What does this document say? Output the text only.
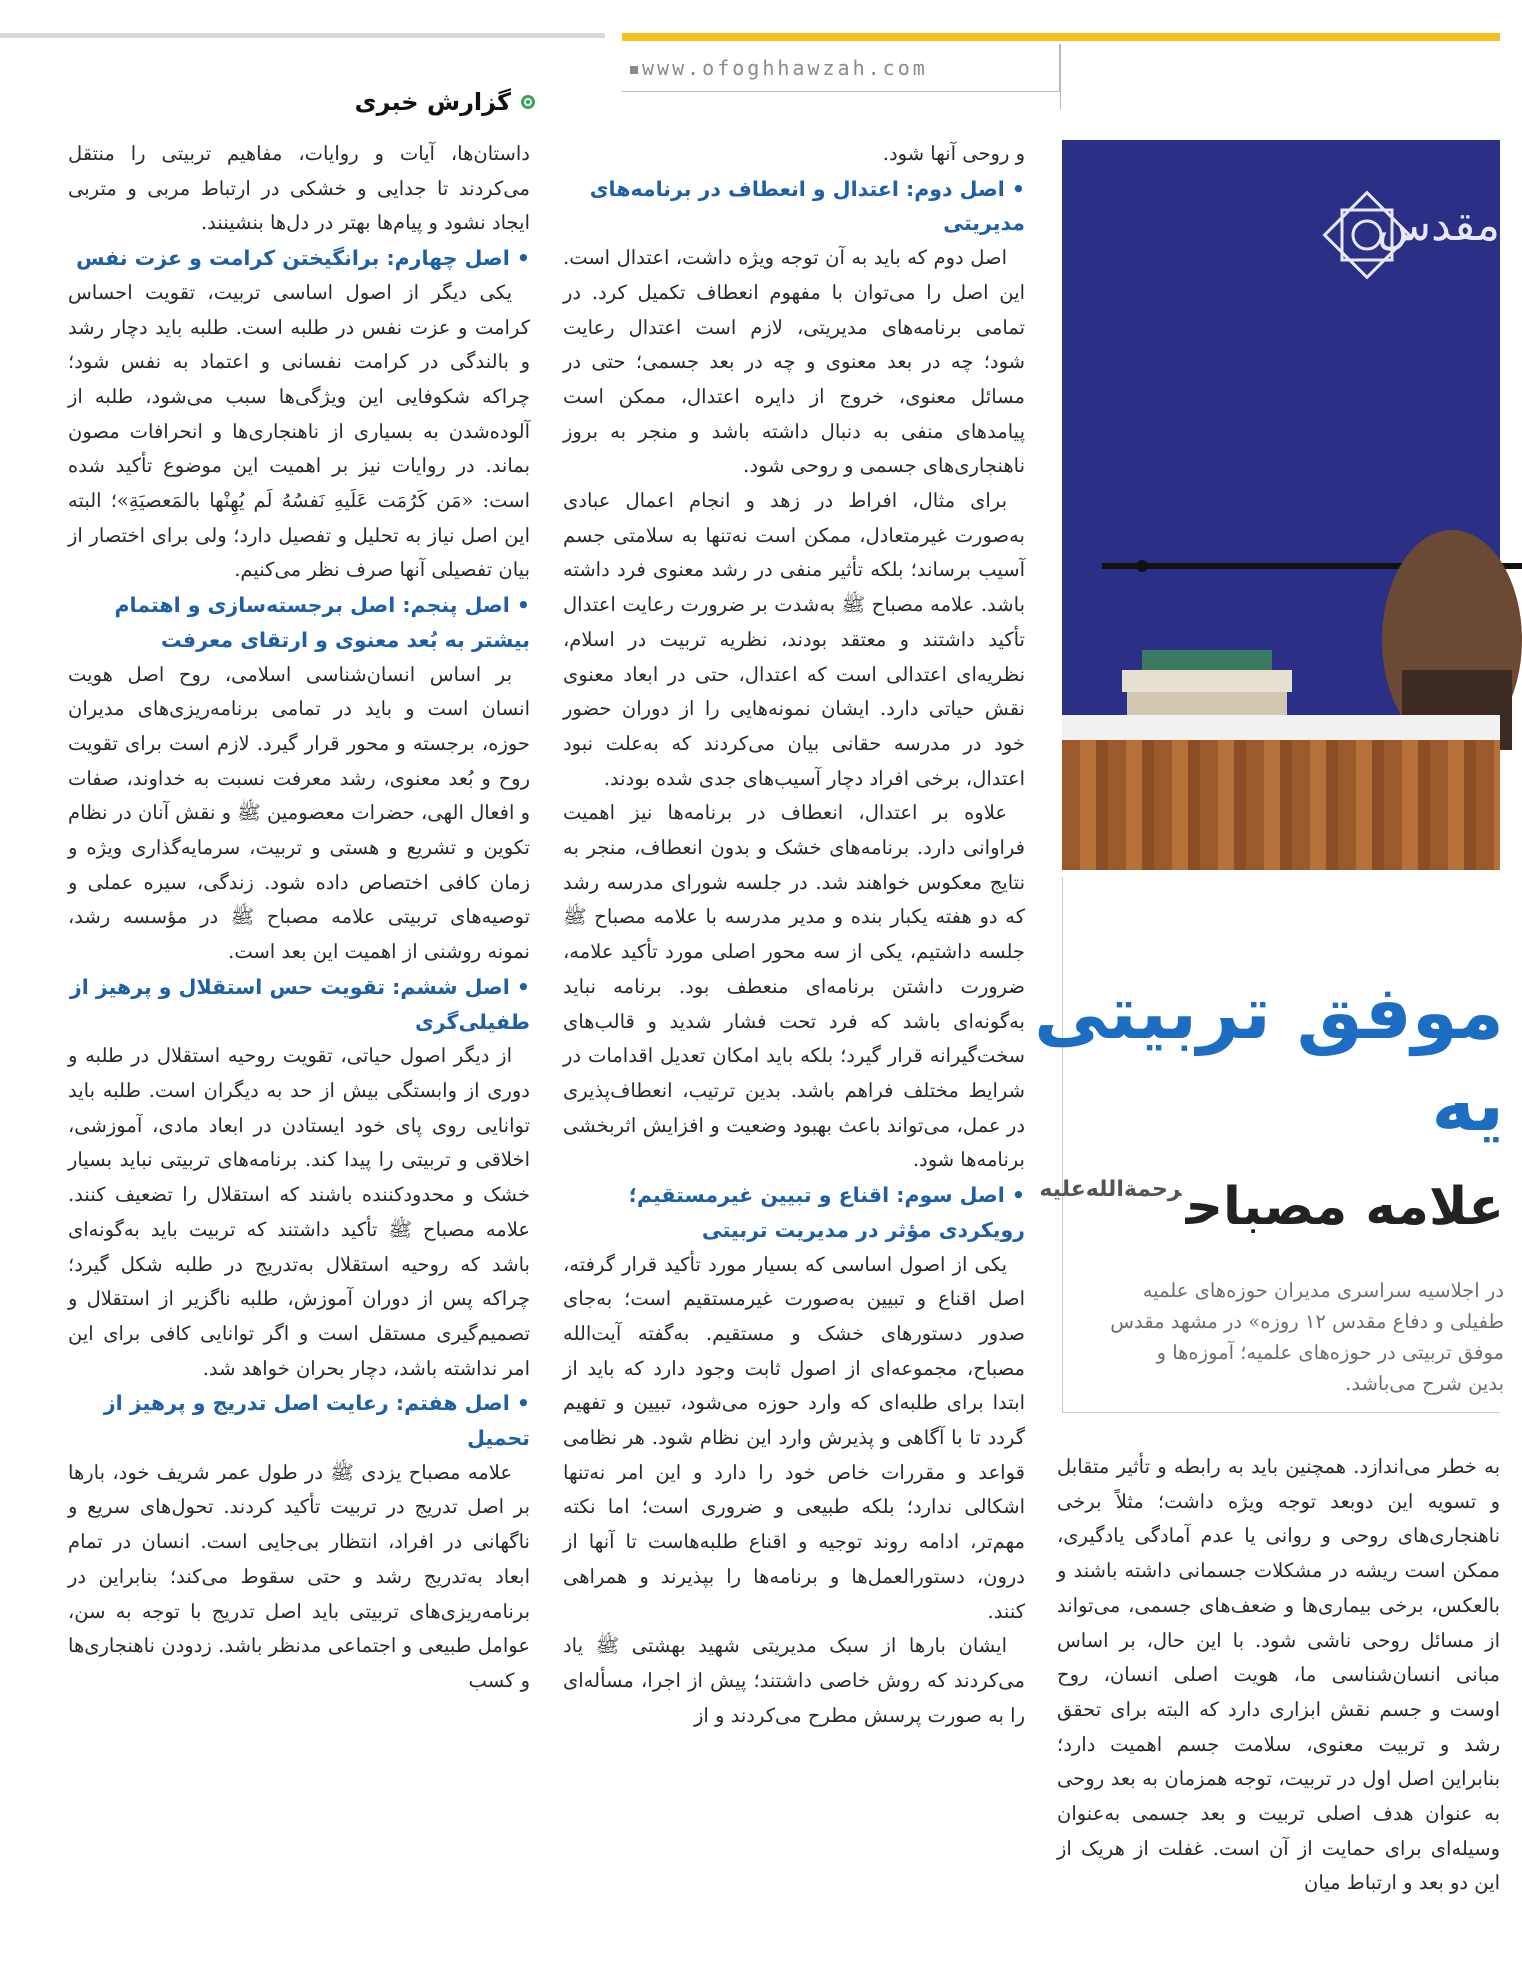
www.ofoghhawzah.com
گزارش خبری

داستان‌ها، آیات و روایات، مفاهیم تربیتی را منتقل می‌کردند تا جدایی و خشکی در ارتباط مربی و متربی ایجاد نشود و پیام‌ها بهتر در دل‌ها بنشینند.

• اصل چهارم: برانگیختن کرامت و عزت نفس

یکی دیگر از اصول اساسی تربیت، تقویت احساس کرامت و عزت نفس در طلبه است. طلبه باید دچار رشد و بالندگی در کرامت نفسانی و اعتماد به نفس شود؛ چراکه شکوفایی این ویژگی‌ها سبب می‌شود، طلبه از آلوده‌شدن به بسیاری از ناهنجاری‌ها و انحرافات مصون بماند. در روایات نیز بر اهمیت این موضوع تأکید شده است: «مَن کَرُمَت عَلَیهِ نَفسُهُ لَم یُهِنْها بالمَعصیَةِ»؛ البته این اصل نیاز به تحلیل و تفصیل دارد؛ ولی برای اختصار از بیان تفصیلی آنها صرف نظر می‌کنیم.

• اصل پنجم: اصل برجسته‌سازی و اهتمام بیشتر به بُعد معنوی و ارتقای معرفت

بر اساس انسان‌شناسی اسلامی، روح اصل هویت انسان است و باید در تمامی برنامه‌ریزی‌های مدیران حوزه، برجسته و محور قرار گیرد. لازم است برای تقویت روح و بُعد معنوی، رشد معرفت نسبت به خداوند، صفات و افعال الهی، حضرات معصومین ﷺ و نقش آنان در نظام تکوین و تشریع و هستی و تربیت، سرمایه‌گذاری ویژه و زمان کافی اختصاص داده شود. زندگی، سیره عملی و توصیه‌های تربیتی علامه مصباح ﷺ در مؤسسه رشد، نمونه روشنی از اهمیت این بعد است.

• اصل ششم: تقویت حس استقلال و پرهیز از طفیلی‌گری

از دیگر اصول حیاتی، تقویت روحیه استقلال در طلبه و دوری از وابستگی بیش از حد به دیگران است. طلبه باید توانایی روی پای خود ایستادن در ابعاد مادی، آموزشی، اخلاقی و تربیتی را پیدا کند. برنامه‌های تربیتی نباید بسیار خشک و محدودکننده باشند که استقلال را تضعیف کنند. علامه مصباح ﷺ تأکید داشتند که تربیت باید به‌گونه‌ای باشد که روحیه استقلال به‌تدریج در طلبه شکل گیرد؛ چراکه پس از دوران آموزش، طلبه ناگزیر از استقلال و تصمیم‌گیری مستقل است و اگر توانایی کافی برای این امر نداشته باشد، دچار بحران خواهد شد.

• اصل هفتم: رعایت اصل تدریج و پرهیز از تحمیل

علامه مصباح یزدی ﷺ در طول عمر شریف خود، بارها بر اصل تدریج در تربیت تأکید کردند. تحول‌های سریع و ناگهانی در افراد، انتظار بی‌جایی است. انسان در تمام ابعاد به‌تدریج رشد و حتی سقوط می‌کند؛ بنابراین در برنامه‌ریزی‌های تربیتی باید اصل تدریج با توجه به سن، عوامل طبیعی و اجتماعی مدنظر باشد. زدودن ناهنجاری‌ها و کسب

و روحی آنها شود.

• اصل دوم: اعتدال و انعطاف در برنامه‌های مدیریتی

اصل دوم که باید به آن توجه ویژه داشت، اعتدال است. این اصل را می‌توان با مفهوم انعطاف تکمیل کرد. در تمامی برنامه‌های مدیریتی، لازم است اعتدال رعایت شود؛ چه در بعد معنوی و چه در بعد جسمی؛ حتی در مسائل معنوی، خروج از دایره اعتدال، ممکن است پیامدهای منفی به دنبال داشته باشد و منجر به بروز ناهنجاری‌های جسمی و روحی شود.

برای مثال، افراط در زهد و انجام اعمال عبادی به‌صورت غیرمتعادل، ممکن است نه‌تنها به سلامتی جسم آسیب برساند؛ بلکه تأثیر منفی در رشد معنوی فرد داشته باشد. علامه مصباح ﷺ به‌شدت بر ضرورت رعایت اعتدال تأکید داشتند و معتقد بودند، نظریه تربیت در اسلام، نظریه‌ای اعتدالی است که اعتدال، حتی در ابعاد معنوی نقش حیاتی دارد. ایشان نمونه‌هایی را از دوران حضور خود در مدرسه حقانی بیان می‌کردند که به‌علت نبود اعتدال، برخی افراد دچار آسیب‌های جدی شده بودند.

علاوه بر اعتدال، انعطاف در برنامه‌ها نیز اهمیت فراوانی دارد. برنامه‌های خشک و بدون انعطاف، منجر به نتایج معکوس خواهند شد. در جلسه شورای مدرسه رشد که دو هفته یکبار بنده و مدیر مدرسه با علامه مصباح ﷺ جلسه داشتیم، یکی از سه محور اصلی مورد تأکید علامه، ضرورت داشتن برنامه‌ای منعطف بود. برنامه نباید به‌گونه‌ای باشد که فرد تحت فشار شدید و قالب‌های سخت‌گیرانه قرار گیرد؛ بلکه باید امکان تعدیل اقدامات در شرایط مختلف فراهم باشد. بدین ترتیب، انعطاف‌پذیری در عمل، می‌تواند باعث بهبود وضعیت و افزایش اثربخشی برنامه‌ها شود.

• اصل سوم: اقناع و تبیین غیرمستقیم؛ رویکردی مؤثر در مدیریت تربیتی

یکی از اصول اساسی که بسیار مورد تأکید قرار گرفته، اصل اقناع و تبیین به‌صورت غیرمستقیم است؛ به‌جای صدور دستورهای خشک و مستقیم. به‌گفته آیت‌الله مصباح، مجموعه‌ای از اصول ثابت وجود دارد که باید از ابتدا برای طلبه‌ای که وارد حوزه می‌شود، تبیین و تفهیم گردد تا با آگاهی و پذیرش وارد این نظام شود. هر نظامی قواعد و مقررات خاص خود را دارد و این امر نه‌تنها اشکالی ندارد؛ بلکه طبیعی و ضروری است؛ اما نکته مهم‌تر، ادامه روند توجیه و اقناع طلبه‌هاست تا آنها از درون، دستورالعمل‌ها و برنامه‌ها را بپذیرند و همراهی کنند.

ایشان بارها از سبک مدیریتی شهید بهشتی ﷺ یاد می‌کردند که روش خاصی داشتند؛ پیش از اجرا، مسأله‌ای را به صورت پرسش مطرح می‌کردند و از

مقدس
موفق تربیتی
یه
علامه مصباح$^{رحمة‌الله‌علیه}$
در اجلاسیه سراسری مدیران حوزه‌های علمیه
طفیلی و دفاع مقدس ۱۲ روزه» در مشهد مقدس
موفق تربیتی در حوزه‌های علمیه؛ آموزه‌ها و
بدین شرح می‌باشد.

به خطر می‌اندازد. همچنین باید به رابطه و تأثیر متقابل و تسویه این دوبعد توجه ویژه داشت؛ مثلاً برخی ناهنجاری‌های روحی و روانی یا عدم آمادگی یادگیری، ممکن است ریشه در مشکلات جسمانی داشته باشند و بالعکس، برخی بیماری‌ها و ضعف‌های جسمی، می‌تواند از مسائل روحی ناشی شود. با این حال، بر اساس مبانی انسان‌شناسی ما، هویت اصلی انسان، روح اوست و جسم نقش ابزاری دارد که البته برای تحقق رشد و تربیت معنوی، سلامت جسم اهمیت دارد؛ بنابراین اصل اول در تربیت، توجه همزمان به بعد روحی به عنوان هدف اصلی تربیت و بعد جسمی به‌عنوان وسیله‌ای برای حمایت از آن است. غفلت از هریک از این دو بعد و ارتباط میان
